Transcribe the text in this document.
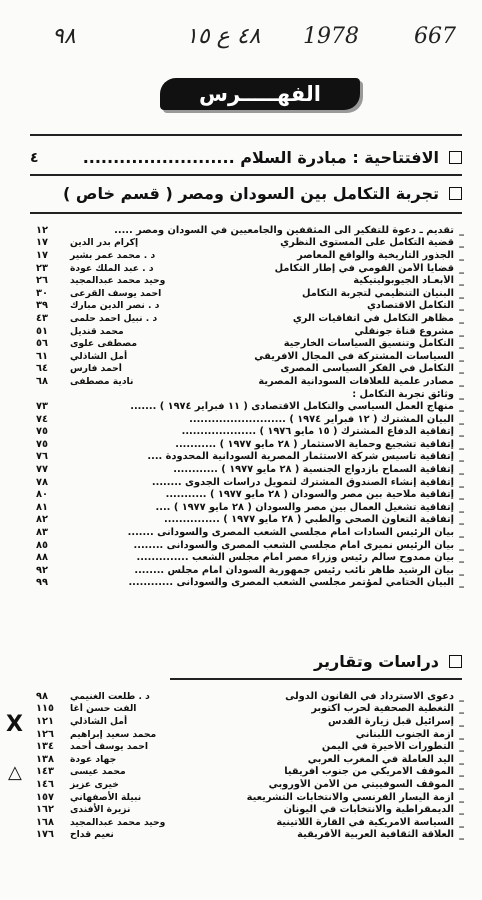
٩٨	٤٨ ع ١٥ 1978	667
الفهـــــرس
الافتتاحية : مبادرة السلام .........................
٤
تجربة التكامل بين السودان ومصر ( قسم خاص )
_
تقديم ـ دعوة للتفكير الى المثقفين والجامعيين في السودان ومصر .....
١٢
_
قضية التكامل على المستوى النظري
إكرام بدر الدين
١٧
_
الجذور التاريخية والواقع المعاصر
د . محمد عمر بشير
١٧
_
قضايا الأمن القومي في إطار التكامل
د . عبد الملك عودة
٢٣
_
الأبعـاد الجيوبوليتيكية
وحيد محمد عبدالمجيد
٢٦
_
البنيان التنظيمي لتجربة التكامل
احمد يوسف القرعى
٣٠
_
التكامل الاقتصادي
د . نصر الدين مبارك
٣٩
_
مظاهر التكامل في اتفاقيات الري
د . نبيل احمد حلمى
٤٣
_
مشروع قناة جونقلي
محمد قنديل
٥١
_
التكامل وتنسيق السياسات الخارجية
مصطفى علوى
٥٦
_
السياسات المشتركة في المجال الافريقي
أمل الشاذلي
٦١
_
التكامل في الفكر السياسى المصرى
أحمد فارس
٦٤
_
مصادر علمية للعلاقات السودانية المصرية
نادية مصطفى
٦٨
_
وثائق تجربة التكامل :
_
منهاج العمل السياسي والتكامل الاقتصادى ( ١١ فبراير ١٩٧٤ ) .......
٧٣
_
البيان المشترك ( ١٢ فبراير ١٩٧٤ ) ..........................
٧٤
_
إتفاقية الدفاع المشترك ( ١٥ مايو ١٩٧٦ ) ....................
٧٥
_
إتفاقية تشجيع وحماية الاستثمار ( ٢٨ مايو ١٩٧٧ ) ...........
٧٥
_
إتفاقية تاسيس شركة الاستثمار المصرية السودانية المحدودة ....
٧٦
_
إتفاقية السماح بازدواج الجنسية ( ٢٨ مايو ١٩٧٧ ) ............
٧٧
_
إتفاقية إنشاء الصندوق المشترك لتمويل دراسات الجدوى ........
٧٨
_
إتفاقية ملاحية بين مصر والسودان ( ٢٨ مايو ١٩٧٧ ) ...........
٨٠
_
إتفاقية تشغيل العمال بين مصر والسودان ( ٢٨ مايو ١٩٧٧ ) ....
٨١
_
إتفاقية التعاون الصحي والطبي ( ٢٨ مايو ١٩٧٧ ) ...............
٨٢
_
بيان الرئيس السادات امام مجلسي الشعب المصرى والسودانى .......
٨٣
_
بيان الرئيس نميرى امام مجلسي الشعب المصرى والسودانى ........
٨٥
_
بيان ممدوح سالم رئيس وزراء مصر أمام مجلس الشعب ..............
٨٨
_
بيان الرشيد طاهر نائب رئيس جمهورية السودان امام مجلس ........
٩٢
_
البيان الختامي لمؤتمر مجلسي الشعب المصرى والسودانى ............
٩٩
دراسات وتقارير
_
دعوى الاسترداد في القانون الدولى
د . طلعت الغنيمي
٩٨
_
التغطية الصحفية لحرب اكتوبر
الفت حسن أغا
١١٥
_
إسرائيل قبل زيارة القدس
أمل الشاذلي
١٢١
_
أزمة الجنوب اللبناني
محمد سعيد إبراهيم
١٢٦
_
التطورات الأخيرة في اليمن
احمد يوسف أحمد
١٣٤
_
اليد العاملة في المغرب العربي
جهاد عودة
١٣٨
_
الموقف الامريكي من جنوب أفريقيا
محمد عيسى
١٤٣
_
الموقف السوفييتي من الأمن الأوروبي
خيرى عزيز
١٤٦
_
أزمة اليسار الفرنسي والانتخابات التشريعية
نبيلة الأصفهاني
١٥٧
_
الديمقراطية والانتخابات في اليونان
نزيرة الأفندى
١٦٢
_
السياسة الامريكية في القارة اللاتينية
وحيد محمد عبدالمجيد
١٦٨
_
العلاقة الثقافية العربية الأفريقية
نعيم قداح
١٧٦
X
△
